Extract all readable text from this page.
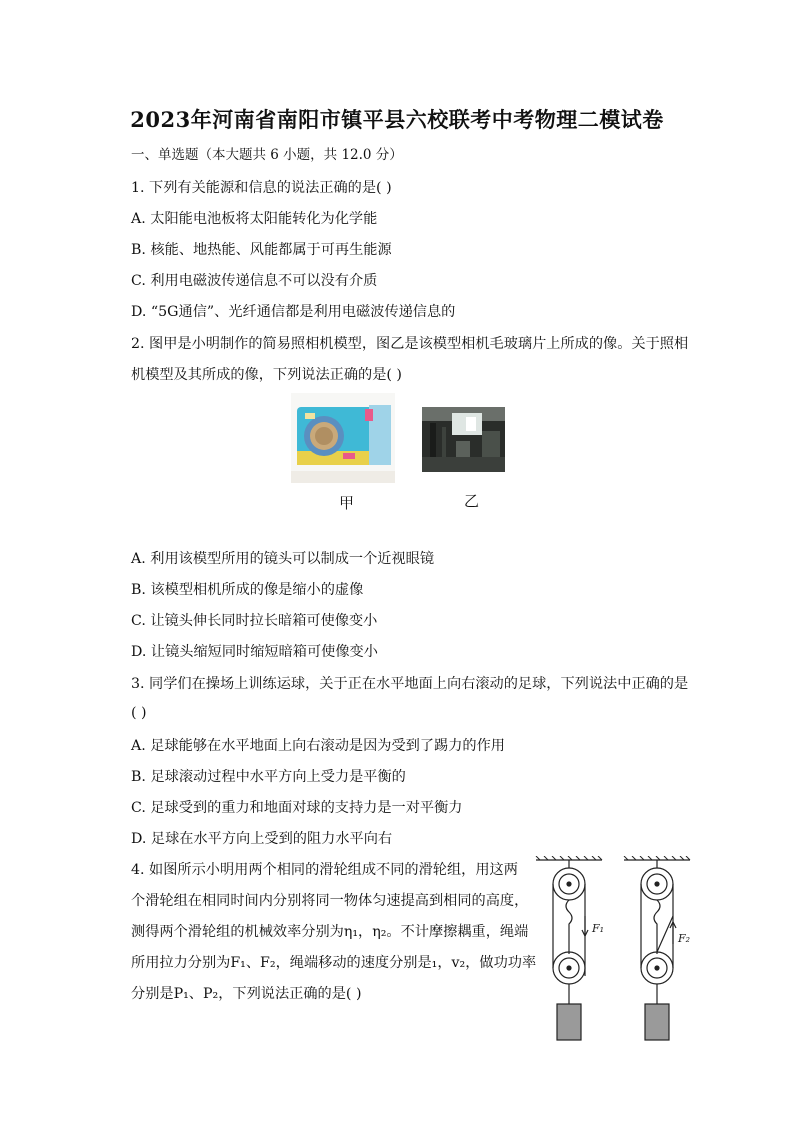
2023年河南省南阳市镇平县六校联考中考物理二模试卷
一、单选题（本大题共 6 小题，共 12.0 分）
1. 下列有关能源和信息的说法正确的是( )
A. 太阳能电池板将太阳能转化为化学能
B. 核能、地热能、风能都属于可再生能源
C. 利用电磁波传递信息不可以没有介质
D. “5G通信”、光纤通信都是利用电磁波传递信息的
2. 图甲是小明制作的简易照相机模型，图乙是该模型相机毛玻璃片上所成的像。关于照相
机模型及其所成的像，下列说法正确的是( )
甲	乙
A. 利用该模型所用的镜头可以制成一个近视眼镜
B. 该模型相机所成的像是缩小的虚像
C. 让镜头伸长同时拉长暗箱可使像变小
D. 让镜头缩短同时缩短暗箱可使像变小
3. 同学们在操场上训练运球，关于正在水平地面上向右滚动的足球，下列说法中正确的是
( )
A. 足球能够在水平地面上向右滚动是因为受到了踢力的作用
B. 足球滚动过程中水平方向上受力是平衡的
C. 足球受到的重力和地面对球的支持力是一对平衡力
D. 足球在水平方向上受到的阻力水平向右
4. 如图所示小明用两个相同的滑轮组成不同的滑轮组，用这两
个滑轮组在相同时间内分别将同一物体匀速提高到相同的高度，
测得两个滑轮组的机械效率分别为η₁，η₂。不计摩擦耦重，绳端
所用拉力分别为F₁、F₂，绳端移动的速度分别是₁，v₂，做功功率
分别是P₁、P₂，下列说法正确的是( )
F₁
F₂
